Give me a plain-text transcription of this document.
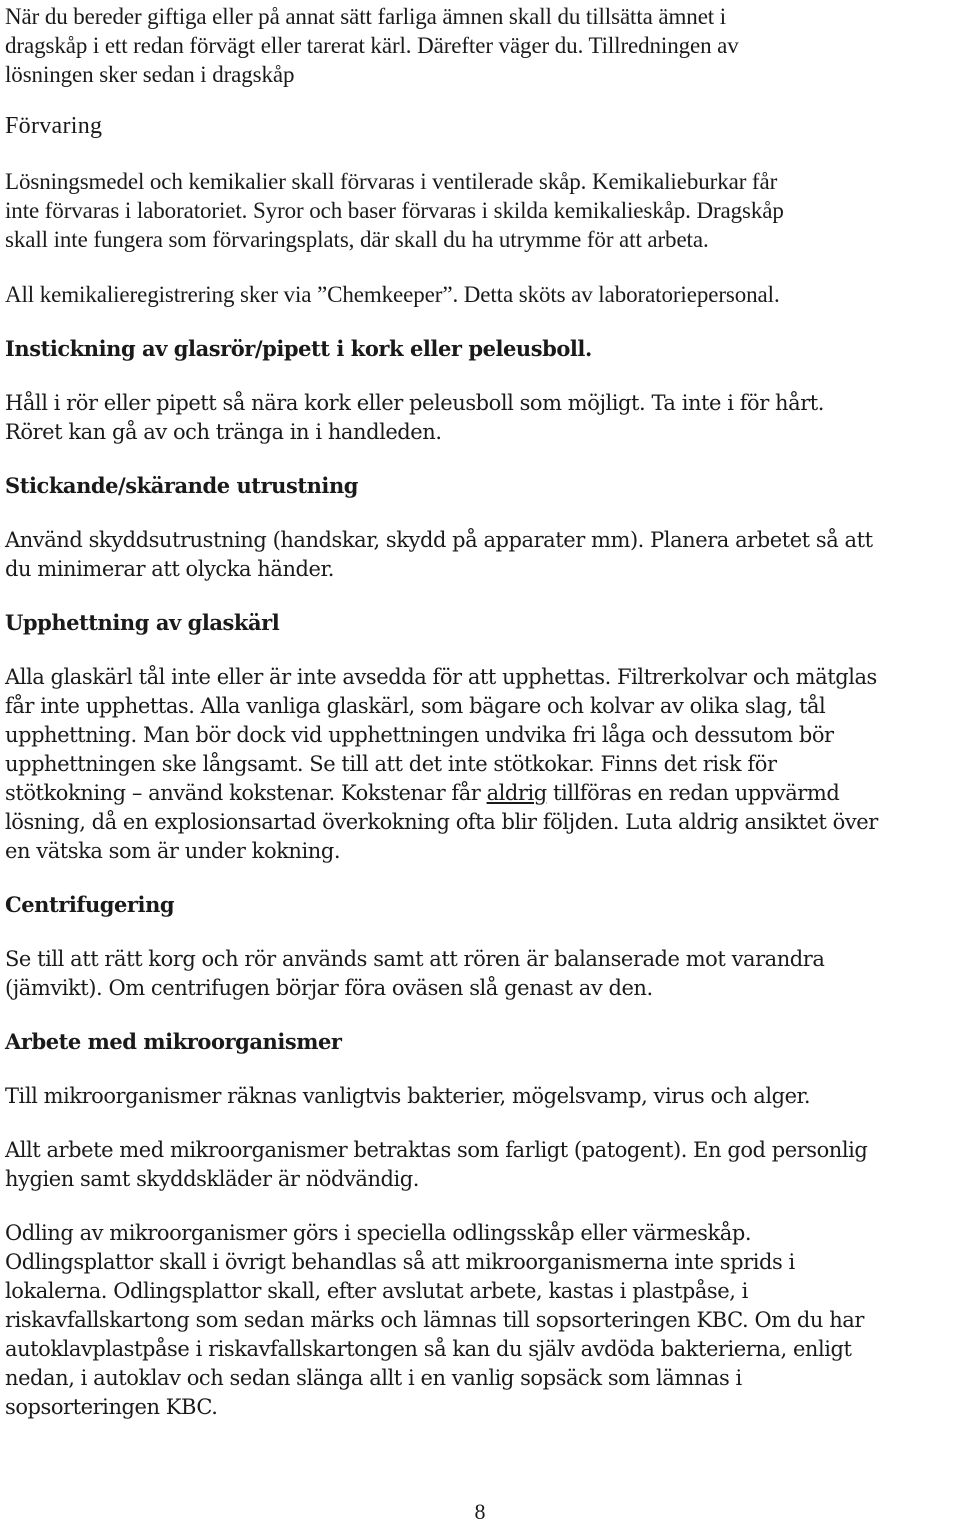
När du bereder giftiga eller på annat sätt farliga ämnen skall du tillsätta ämnet i
dragskåp i ett redan förvägt eller tarerat kärl. Därefter väger du. Tillredningen av
lösningen sker sedan i dragskåp
Förvaring
Lösningsmedel och kemikalier skall förvaras i ventilerade skåp. Kemikalieburkar får
inte förvaras i laboratoriet. Syror och baser förvaras i skilda kemikalieskåp. Dragskåp
skall inte fungera som förvaringsplats, där skall du ha utrymme för att arbeta.
All kemikalieregistrering sker via ”Chemkeeper”. Detta sköts av laboratoriepersonal.
Instickning av glasrör/pipett i kork eller peleusboll.
Håll i rör eller pipett så nära kork eller peleusboll som möjligt. Ta inte i för hårt.
Röret kan gå av och tränga in i handleden.
Stickande/skärande utrustning
Använd skyddsutrustning (handskar, skydd på apparater mm). Planera arbetet så att
du minimerar att olycka händer.
Upphettning av glaskärl
Alla glaskärl tål inte eller är inte avsedda för att upphettas. Filtrerkolvar och mätglas
får inte upphettas. Alla vanliga glaskärl, som bägare och kolvar av olika slag, tål
upphettning. Man bör dock vid upphettningen undvika fri låga och dessutom bör
upphettningen ske långsamt. Se till att det inte stötkokar. Finns det risk för
stötkokning – använd kokstenar. Kokstenar får aldrig tillföras en redan uppvärmd
lösning, då en explosionsartad överkokning ofta blir följden. Luta aldrig ansiktet över
en vätska som är under kokning.
Centrifugering
Se till att rätt korg och rör används samt att rören är balanserade mot varandra
(jämvikt). Om centrifugen börjar föra oväsen slå genast av den.
Arbete med mikroorganismer
Till mikroorganismer räknas vanligtvis bakterier, mögelsvamp, virus och alger.
Allt arbete med mikroorganismer betraktas som farligt (patogent). En god personlig
hygien samt skyddskläder är nödvändig.
Odling av mikroorganismer görs i speciella odlingsskåp eller värmeskåp.
Odlingsplattor skall i övrigt behandlas så att mikroorganismerna inte sprids i
lokalerna. Odlingsplattor skall, efter avslutat arbete, kastas i plastpåse, i
riskavfallskartong som sedan märks och lämnas till sopsorteringen KBC. Om du har
autoklavplastpåse i riskavfallskartongen så kan du själv avdöda bakterierna, enligt
nedan, i autoklav och sedan slänga allt i en vanlig sopsäck som lämnas i
sopsorteringen KBC.
8
